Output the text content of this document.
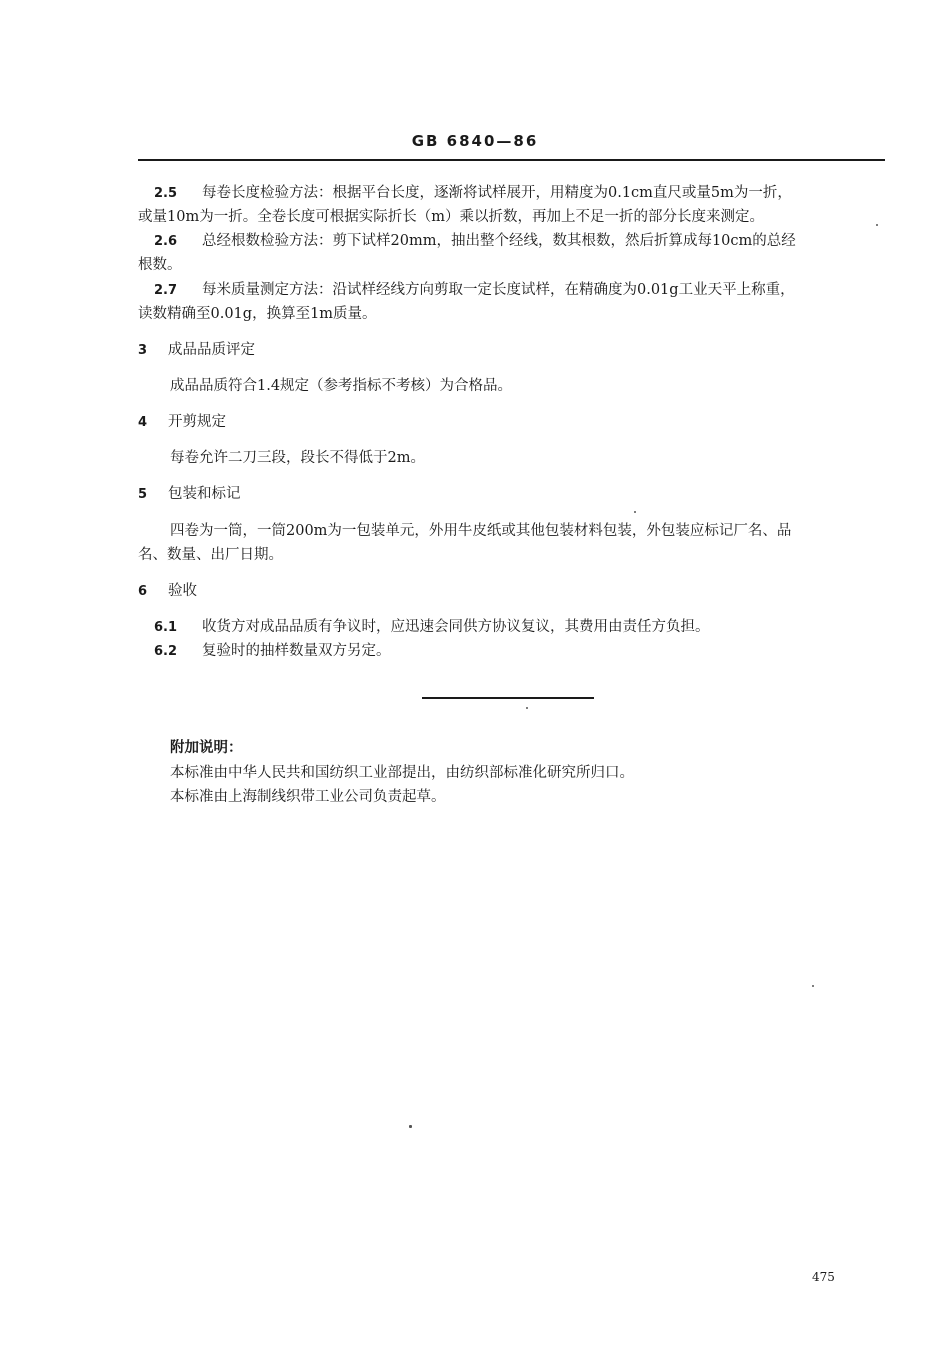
GB 6840—86
2.5 每卷长度检验方法：根据平台长度，逐渐将试样展开，用精度为0.1cm直尺或量5m为一折，
或量10m为一折。全卷长度可根据实际折长（m）乘以折数，再加上不足一折的部分长度来测定。
2.6 总经根数检验方法：剪下试样20mm，抽出整个经线，数其根数，然后折算成每10cm的总经
根数。
2.7 每米质量测定方法：沿试样经线方向剪取一定长度试样，在精确度为0.01g工业天平上称重，
读数精确至0.01g，换算至1m质量。
3 成品品质评定
成品品质符合1.4规定（参考指标不考核）为合格品。
4 开剪规定
每卷允许二刀三段，段长不得低于2m。
5 包装和标记
四卷为一筒，一筒200m为一包装单元，外用牛皮纸或其他包装材料包装，外包装应标记厂名、品
名、数量、出厂日期。
6 验收
6.1 收货方对成品品质有争议时，应迅速会同供方协议复议，其费用由责任方负担。
6.2 复验时的抽样数量双方另定。
附加说明：
本标准由中华人民共和国纺织工业部提出，由纺织部标准化研究所归口。
本标准由上海制线织带工业公司负责起草。
475
